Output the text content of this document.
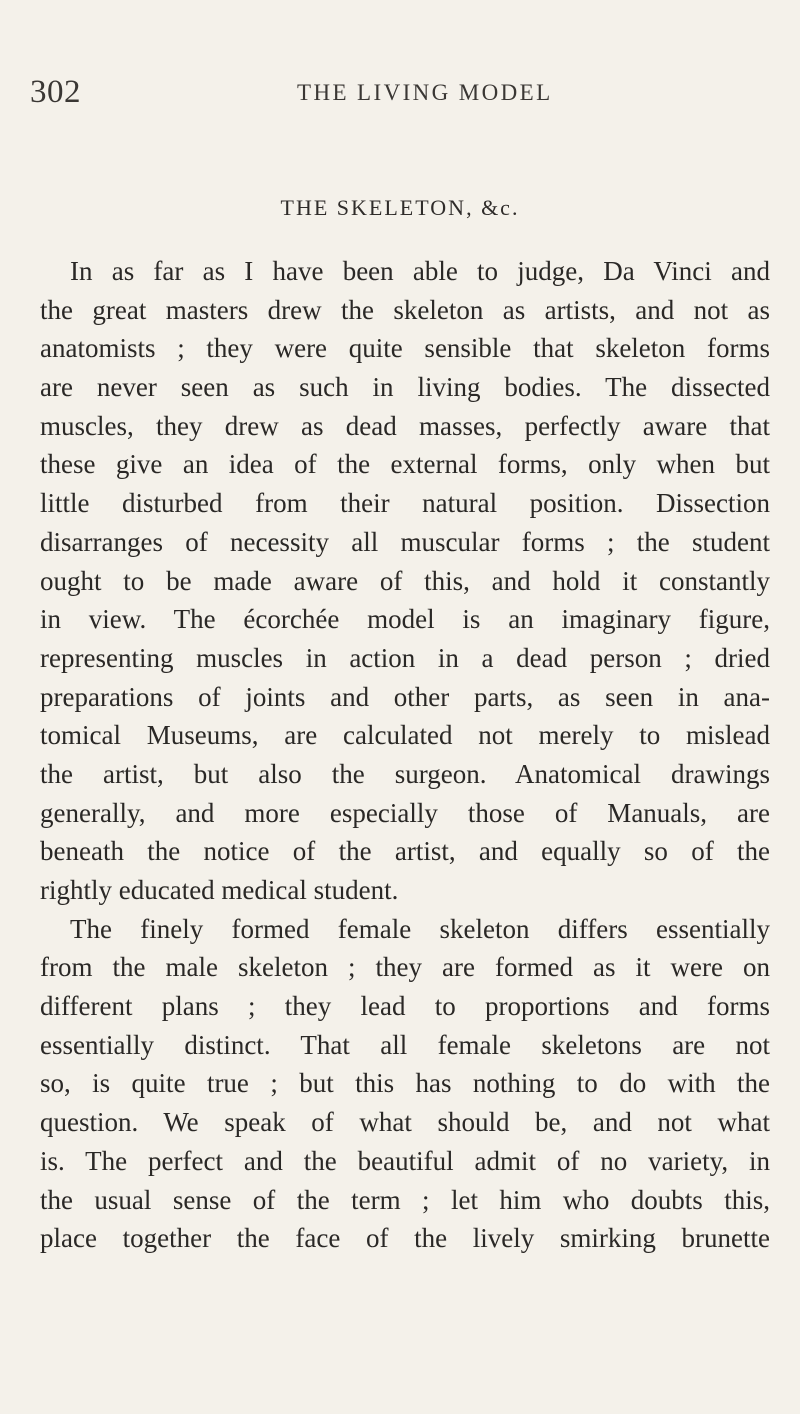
302	THE LIVING MODEL
THE SKELETON, &c.
In as far as I have been able to judge, Da Vinci and
the great masters drew the skeleton as artists, and not as
anatomists ; they were quite sensible that skeleton forms
are never seen as such in living bodies. The dissected
muscles, they drew as dead masses, perfectly aware that
these give an idea of the external forms, only when but
little disturbed from their natural position. Dissection
disarranges of necessity all muscular forms ; the student
ought to be made aware of this, and hold it constantly
in view. The écorchée model is an imaginary figure,
representing muscles in action in a dead person ; dried
preparations of joints and other parts, as seen in ana-
tomical Museums, are calculated not merely to mislead
the artist, but also the surgeon. Anatomical drawings
generally, and more especially those of Manuals, are
beneath the notice of the artist, and equally so of the
rightly educated medical student.
The finely formed female skeleton differs essentially
from the male skeleton ; they are formed as it were on
different plans ; they lead to proportions and forms
essentially distinct. That all female skeletons are not
so, is quite true ; but this has nothing to do with the
question. We speak of what should be, and not what
is. The perfect and the beautiful admit of no variety, in
the usual sense of the term ; let him who doubts this,
place together the face of the lively smirking brunette
